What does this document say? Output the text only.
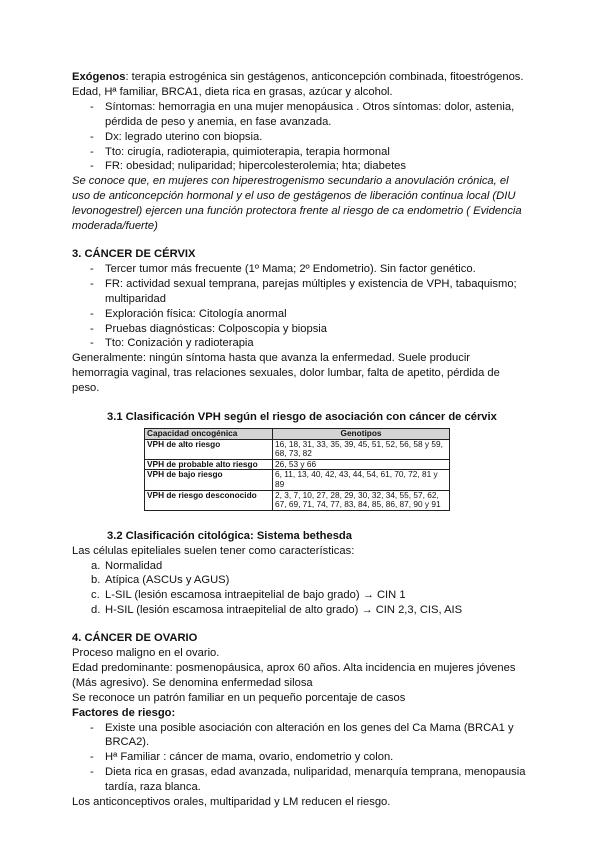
Exógenos: terapia estrogénica sin gestágenos, anticoncepción combinada, fitoestrógenos. Edad, Hª familiar, BRCA1, dieta rica en grasas, azúcar y alcohol.

- Síntomas: hemorragia en una mujer menopáusica . Otros síntomas: dolor, astenia, pérdida de peso y anemia, en fase avanzada.
- Dx: legrado uterino con biopsia.
- Tto: cirugía, radioterapia, quimioterapia, terapia hormonal
- FR: obesidad; nuliparidad; hipercolesterolemia; hta; diabetes

Se conoce que, en mujeres con hiperestrogenismo secundario a anovulación crónica, el uso de anticoncepción hormonal y el uso de gestágenos de liberación continua local (DIU levonogestrel) ejercen una función protectora frente al riesgo de ca endometrio ( Evidencia moderada/fuerte)

3. CÁNCER DE CÉRVIX
- Tercer tumor más frecuente (1º Mama; 2º Endometrio). Sin factor genético.
- FR: actividad sexual temprana, parejas múltiples y existencia de VPH, tabaquismo; multiparidad
- Exploración física: Citología anormal
- Pruebas diagnósticas: Colposcopia y biopsia
- Tto: Conización y radioterapia

Generalmente: ningún síntoma hasta que avanza la enfermedad. Suele producir hemorragia vaginal, tras relaciones sexuales, dolor lumbar, falta de apetito, pérdida de peso.

3.1 Clasificación VPH según el riesgo de asociación con cáncer de cérvix

Capacidad oncogénica	Genotipos
VPH de alto riesgo	16, 18, 31, 33, 35, 39, 45, 51, 52, 56, 58 y 59, 68, 73, 82
VPH de probable alto riesgo	26, 53 y 66
VPH de bajo riesgo	6, 11, 13, 40, 42, 43, 44, 54, 61, 70, 72, 81 y 89
VPH de riesgo desconocido	2, 3, 7, 10, 27, 28, 29, 30, 32, 34, 55, 57, 62, 67, 69, 71, 74, 77, 83, 84, 85, 86, 87, 90 y 91

3.2 Clasificación citológica: Sistema bethesda

Las células epiteliales suelen tener como características:

a. Normalidad
b. Atípica (ASCUs y AGUS)
c. L-SIL (lesión escamosa intraepitelial de bajo grado) → CIN 1
d. H-SIL (lesión escamosa intraepitelial de alto grado) → CIN 2,3, CIS, AIS
4. CÁNCER DE OVARIO

Proceso maligno en el ovario.

Edad predominante: posmenopáusica, aprox 60 años. Alta incidencia en mujeres jóvenes (Más agresivo). Se denomina enfermedad silosa

Se reconoce un patrón familiar en un pequeño porcentaje de casos

Factores de riesgo:

- Existe una posible asociación con alteración en los genes del Ca Mama (BRCA1 y BRCA2).
- Hª Familiar : cáncer de mama, ovario, endometrio y colon.
- Dieta rica en grasas, edad avanzada, nuliparidad, menarquía temprana, menopausia tardía, raza blanca.

Los anticonceptivos orales, multiparidad y LM reducen el riesgo.
